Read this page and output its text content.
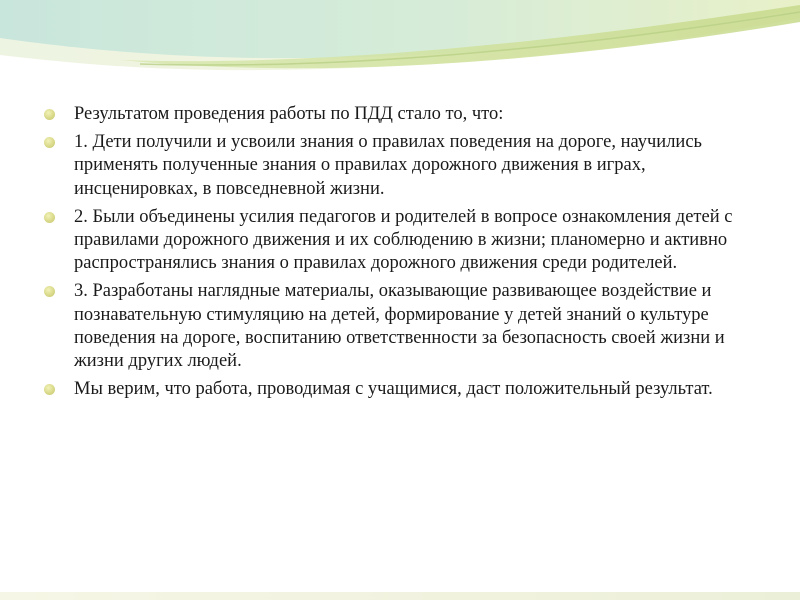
Результатом проведения работы по ПДД стало то, что:
1. Дети получили и усвоили знания о правилах поведения на дороге, научились применять полученные знания о правилах дорожного движения в играх, инсценировках, в повседневной жизни.
2. Были объединены усилия педагогов и родителей в вопросе ознакомления детей с правилами дорожного движения и их соблюдению в жизни; планомерно и активно распространялись знания о правилах дорожного движения среди родителей.
3. Разработаны наглядные материалы, оказывающие развивающее воздействие и познавательную стимуляцию на детей, формирование у детей знаний о культуре поведения на дороге, воспитанию ответственности за безопасность своей жизни и жизни других людей.
Мы верим, что работа, проводимая с учащимися, даст положительный результат.
